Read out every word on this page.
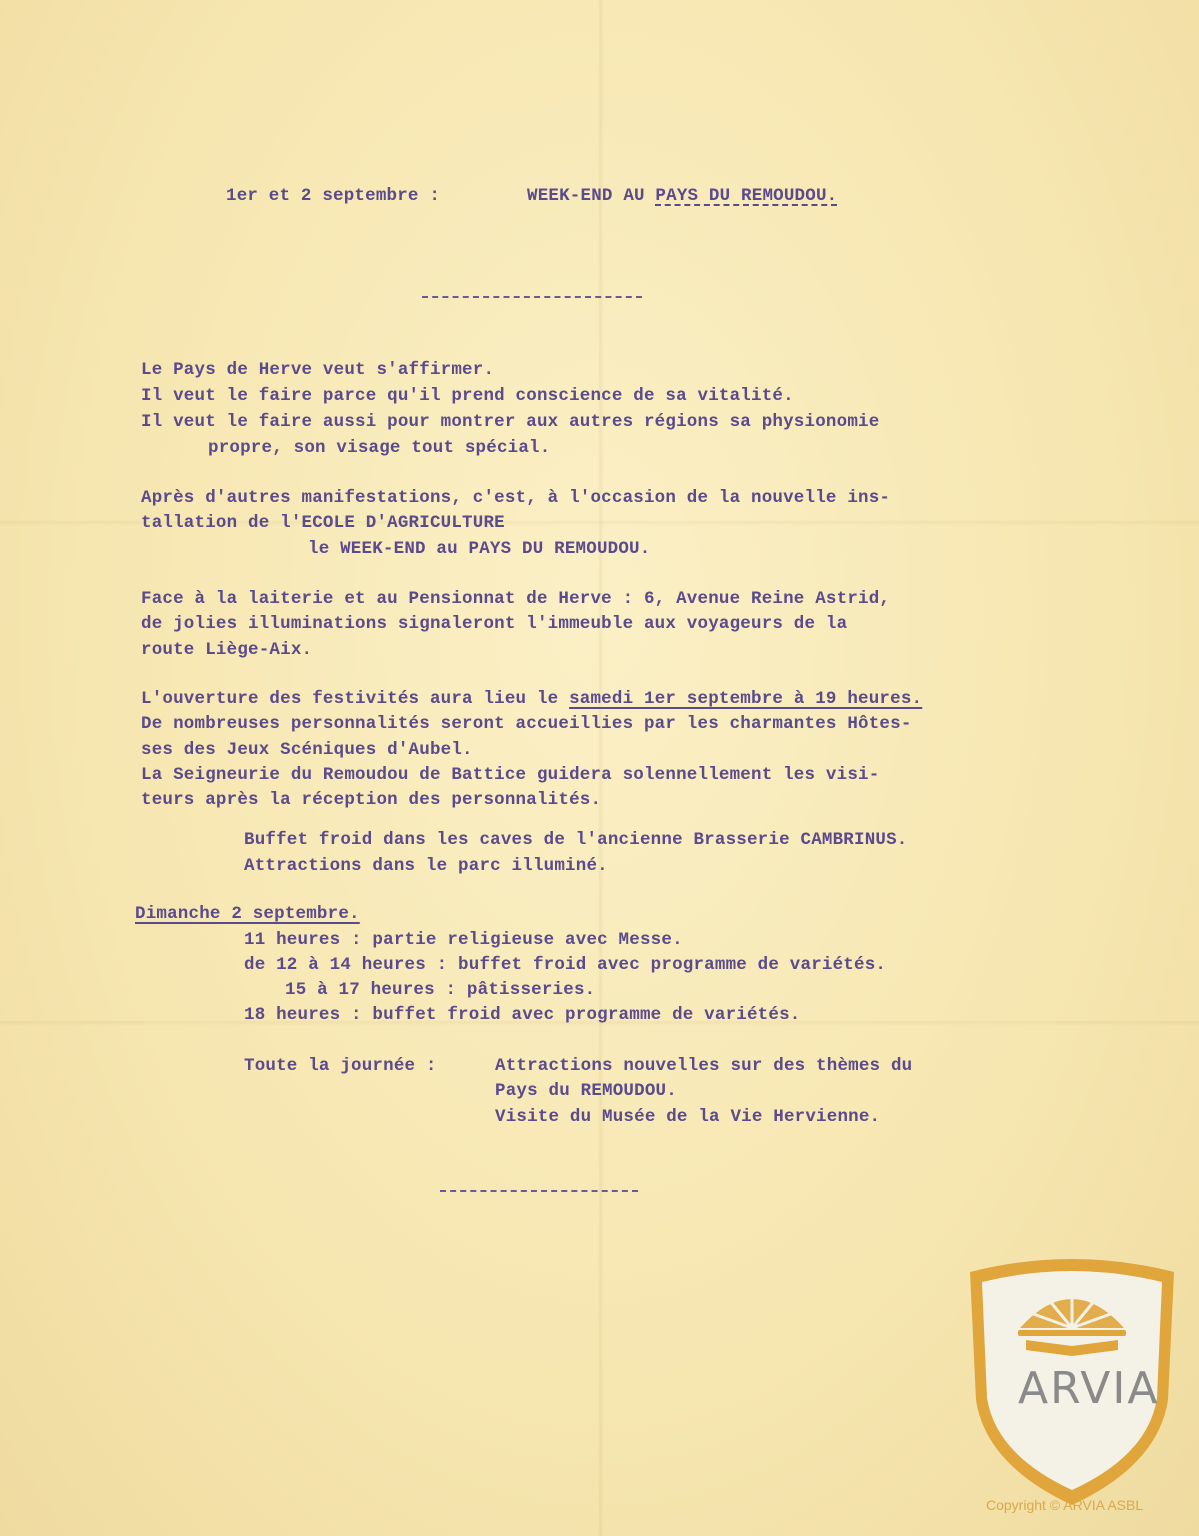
1er et 2 septembre :	WEEK-END AU PAYS DU REMOUDOU.
Le Pays de Herve veut s'affirmer.
Il veut le faire parce qu'il prend conscience de sa vitalité.
Il veut le faire aussi pour montrer aux autres régions sa physionomie
propre, son visage tout spécial.
Après d'autres manifestations, c'est, à l'occasion de la nouvelle ins-
tallation de l'ECOLE D'AGRICULTURE
le WEEK-END au PAYS DU REMOUDOU.
Face à la laiterie et au Pensionnat de Herve : 6, Avenue Reine Astrid,
de jolies illuminations signaleront l'immeuble aux voyageurs de la
route Liège-Aix.
L'ouverture des festivités aura lieu le samedi 1er septembre à 19 heures.
De nombreuses personnalités seront accueillies par les charmantes Hôtes-
ses des Jeux Scéniques d'Aubel.
La Seigneurie du Remoudou de Battice guidera solennellement les visi-
teurs après la réception des personnalités.
Buffet froid dans les caves de l'ancienne Brasserie CAMBRINUS.
Attractions dans le parc illuminé.
Dimanche 2 septembre.
11 heures : partie religieuse avec Messe.
de 12 à 14 heures : buffet froid avec programme de variétés.
15 à 17 heures : pâtisseries.
18 heures : buffet froid avec programme de variétés.
Toute la journée :	Attractions nouvelles sur des thèmes du
Pays du REMOUDOU.
Visite du Musée de la Vie Hervienne.
ARVIA
Copyright © ARVIA ASBL
